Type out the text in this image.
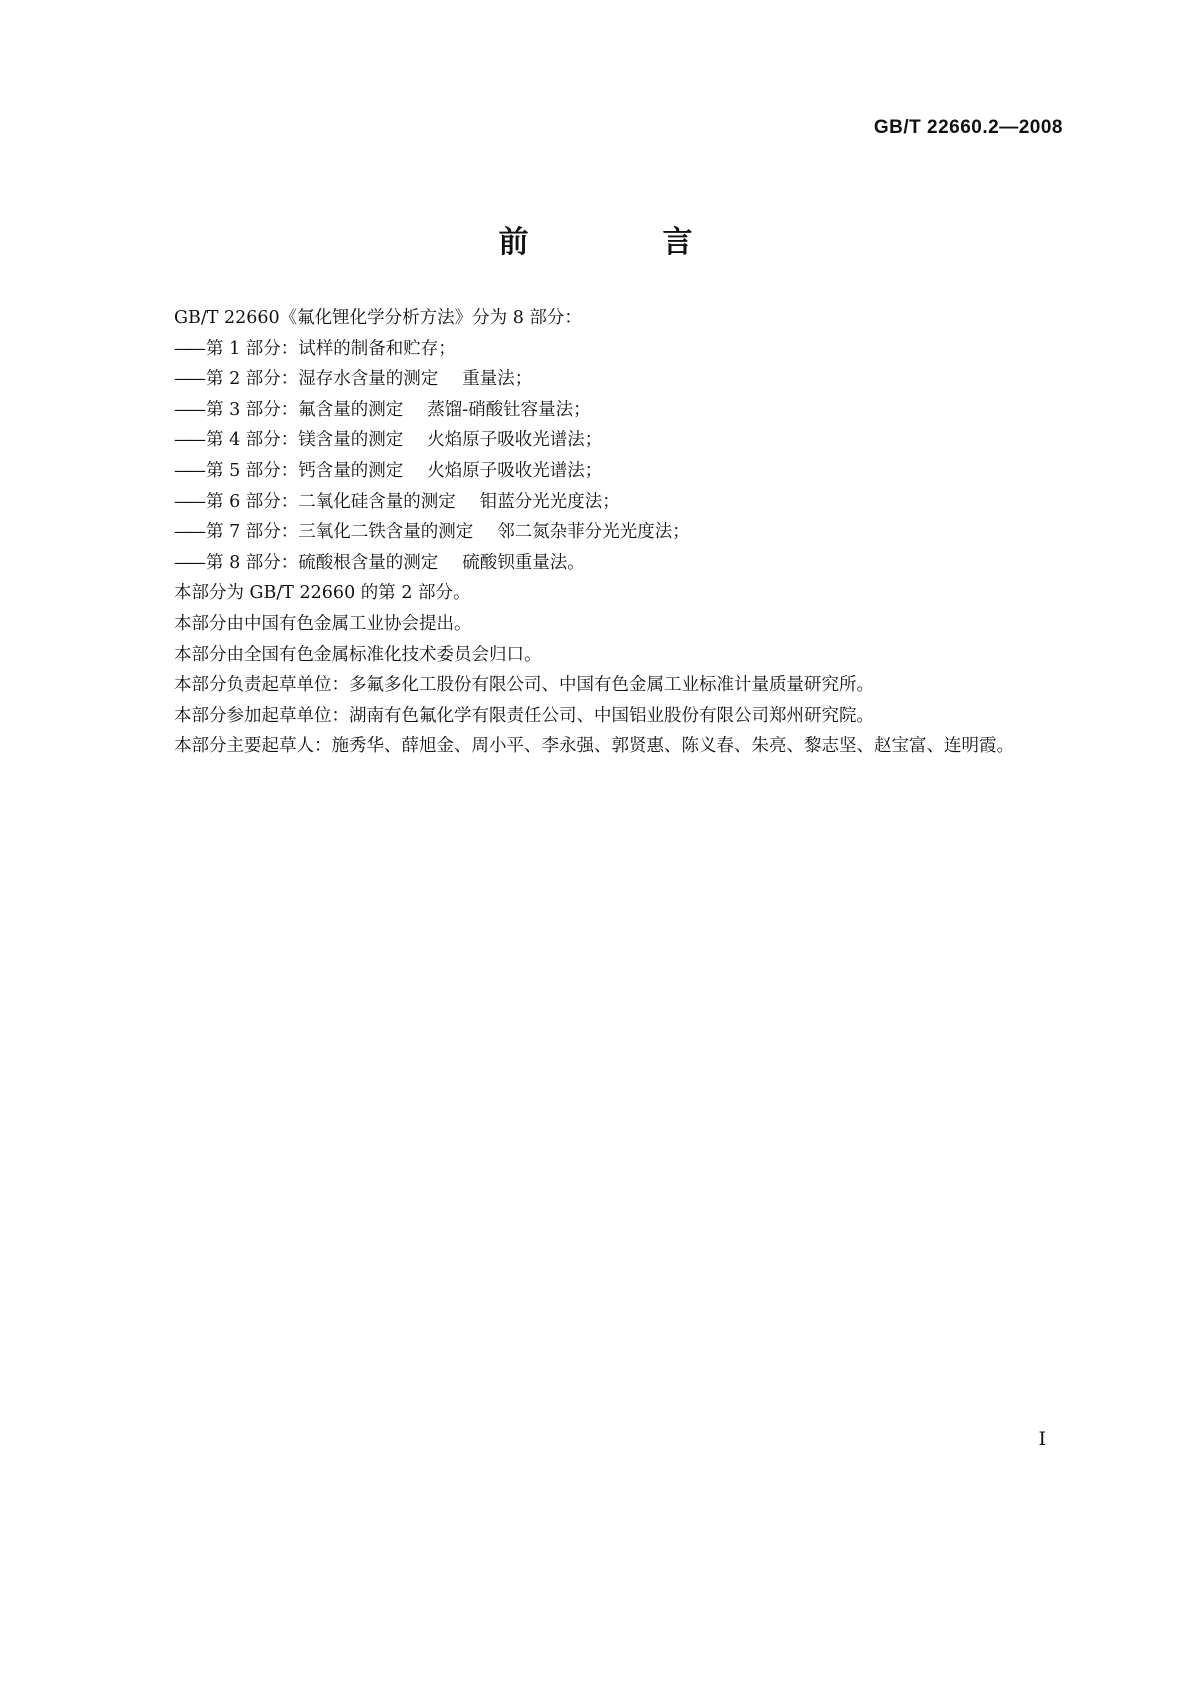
GB/T 22660.2—2008
前　言

GB/T 22660《氟化锂化学分析方法》分为 8 部分：

—— 第 1 部分：试样的制备和贮存；

—— 第 2 部分：湿存水含量的测定 重量法；

—— 第 3 部分：氟含量的测定 蒸馏-硝酸钍容量法；

—— 第 4 部分：镁含量的测定 火焰原子吸收光谱法；

—— 第 5 部分：钙含量的测定 火焰原子吸收光谱法；

—— 第 6 部分：二氧化硅含量的测定 钼蓝分光光度法；

—— 第 7 部分：三氧化二铁含量的测定 邻二氮杂菲分光光度法；

—— 第 8 部分：硫酸根含量的测定 硫酸钡重量法。

本部分为 GB/T 22660 的第 2 部分。

本部分由中国有色金属工业协会提出。

本部分由全国有色金属标准化技术委员会归口。

本部分负责起草单位：多氟多化工股份有限公司、中国有色金属工业标准计量质量研究所。

本部分参加起草单位：湖南有色氟化学有限责任公司、中国铝业股份有限公司郑州研究院。

本部分主要起草人：施秀华、薛旭金、周小平、李永强、郭贤惠、陈义春、朱亮、黎志坚、赵宝富、连明霞。

I
